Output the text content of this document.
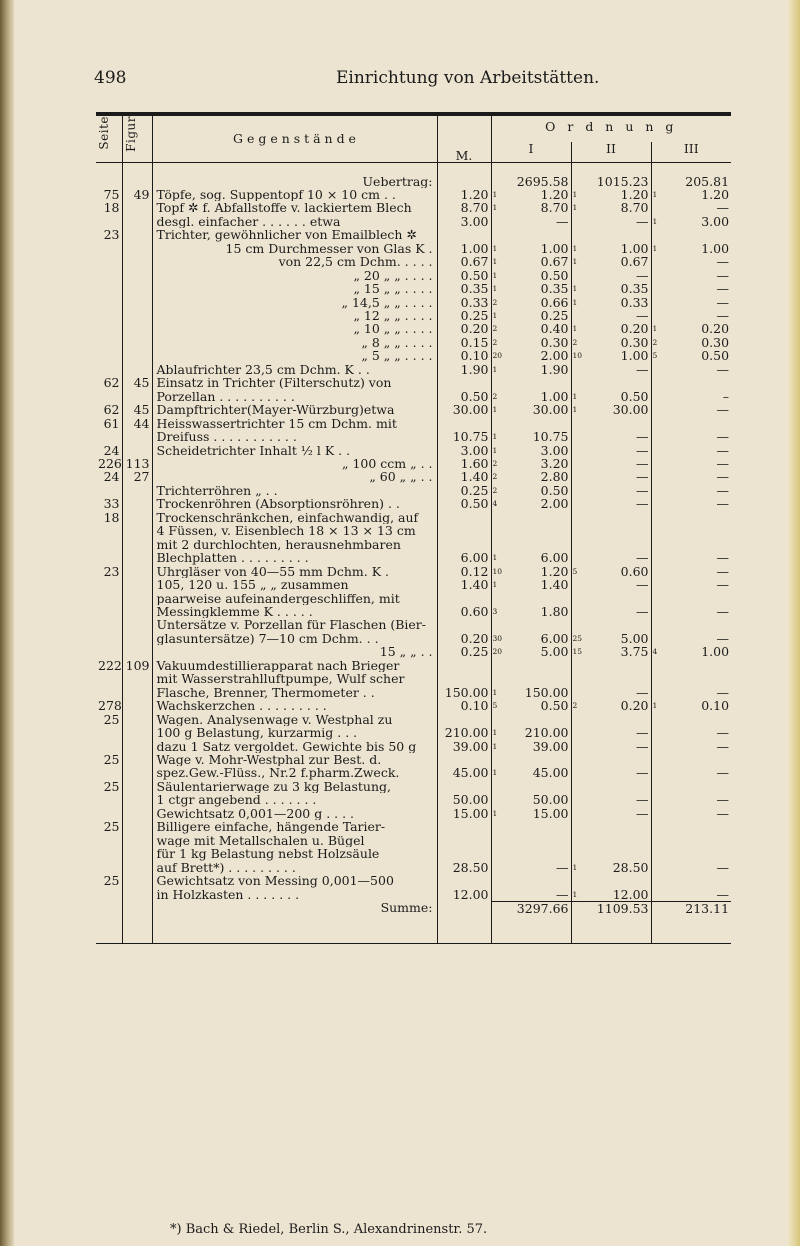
498	Einrichtung von Arbeitstätten.
Seite	Figur	G e g e n s t ä n d e	M.	O r d n u n g					
				I		II		III	

		Uebertrag:			2695.58		1015.23		205.81
75	49	Töpfe, sog. Suppentopf 10 × 10 cm . .	1.20	1	1.20	1	1.20	1	1.20
18		Topf ✲ f. Abfallstoffe v. lackiertem Blech	8.70	1	8.70	1	8.70		—
		desgl. einfacher . . . . . . etwa	3.00		—		—	1	3.00
23		Trichter, gewöhnlicher von Emailblech ✲							
		15 cm Durchmesser von Glas K .	1.00	1	1.00	1	1.00	1	1.00
		von 22,5 cm Dchm. . . . .	0.67	1	0.67	1	0.67		—
		„ 20 „ „ . . . .	0.50	1	0.50		—		—
		„ 15 „ „ . . . .	0.35	1	0.35	1	0.35		—
		„ 14,5 „ „ . . . .	0.33	2	0.66	1	0.33		—
		„ 12 „ „ . . . .	0.25	1	0.25		—		—
		„ 10 „ „ . . . .	0.20	2	0.40	1	0.20	1	0.20
		„ 8 „ „ . . . .	0.15	2	0.30	2	0.30	2	0.30
		„ 5 „ „ . . . .	0.10	20	2.00	10	1.00	5	0.50
		Ablaufrichter 23,5 cm Dchm. K . .	1.90	1	1.90		—		—
62	45	Einsatz in Trichter (Filterschutz) von							
		Porzellan . . . . . . . . . .	0.50	2	1.00	1	0.50		–
62	45	Dampftrichter(Mayer-Würzburg)etwa	30.00	1	30.00	1	30.00		—
61	44	Heisswassertrichter 15 cm Dchm. mit							
		Dreifuss . . . . . . . . . . .	10.75	1	10.75		—		—
24		Scheidetrichter Inhalt ½ l K . .	3.00	1	3.00		—		—
226	113	„ 100 ccm „ . .	1.60	2	3.20		—		—
24	27	„ 60 „ „ . .	1.40	2	2.80		—		—
		Trichterröhren „ . .	0.25	2	0.50		—		—
33		Trockenröhren (Absorptionsröhren) . .	0.50	4	2.00		—		—
18		Trockenschränkchen, einfachwandig, auf							
		4 Füssen, v. Eisenblech 18 × 13 × 13 cm							
		mit 2 durchlochten, herausnehmbaren							
		Blechplatten . . . . . . . . .	6.00	1	6.00		—		—
23		Uhrgläser von 40—55 mm Dchm. K .	0.12	10	1.20	5	0.60		—
		105, 120 u. 155 „ „ zusammen	1.40	1	1.40		—		—
		paarweise aufeinandergeschliffen, mit							
		Messingklemme K . . . . .	0.60	3	1.80		—		—
		Untersätze v. Porzellan für Flaschen (Bier-							
		glasuntersätze) 7—10 cm Dchm. . .	0.20	30	6.00	25	5.00		—
		15 „ „ . .	0.25	20	5.00	15	3.75	4	1.00
222	109	Vakuumdestillierapparat nach Brieger							
		mit Wasserstrahlluftpumpe, Wulf scher							
		Flasche, Brenner, Thermometer . .	150.00	1	150.00		—		—
278		Wachskerzchen . . . . . . . . .	0.10	5	0.50	2	0.20	1	0.10
25		Wagen. Analysenwage v. Westphal zu							
		100 g Belastung, kurzarmig . . .	210.00	1	210.00		—		—
		dazu 1 Satz vergoldet. Gewichte bis 50 g	39.00	1	39.00		—		—
25		Wage v. Mohr-Westphal zur Best. d.							
		spez.Gew.-Flüss., Nr.2 f.pharm.Zweck.	45.00	1	45.00		—		—
25		Säulentarierwage zu 3 kg Belastung,							
		1 ctgr angebend . . . . . . .	50.00		50.00		—		—
		Gewichtsatz 0,001—200 g . . . .	15.00	1	15.00		—		—
25		Billigere einfache, hängende Tarier-							
		wage mit Metallschalen u. Bügel							
		für 1 kg Belastung nebst Holzsäule							
		auf Brett*) . . . . . . . . .	28.50		—	1	28.50		—
25		Gewichtsatz von Messing 0,001—500							
		in Holzkasten . . . . . . .	12.00		—	1	12.00		—
		Summe:			3297.66		1109.53		213.11

*) Bach & Riedel, Berlin S., Alexandrinenstr. 57.
